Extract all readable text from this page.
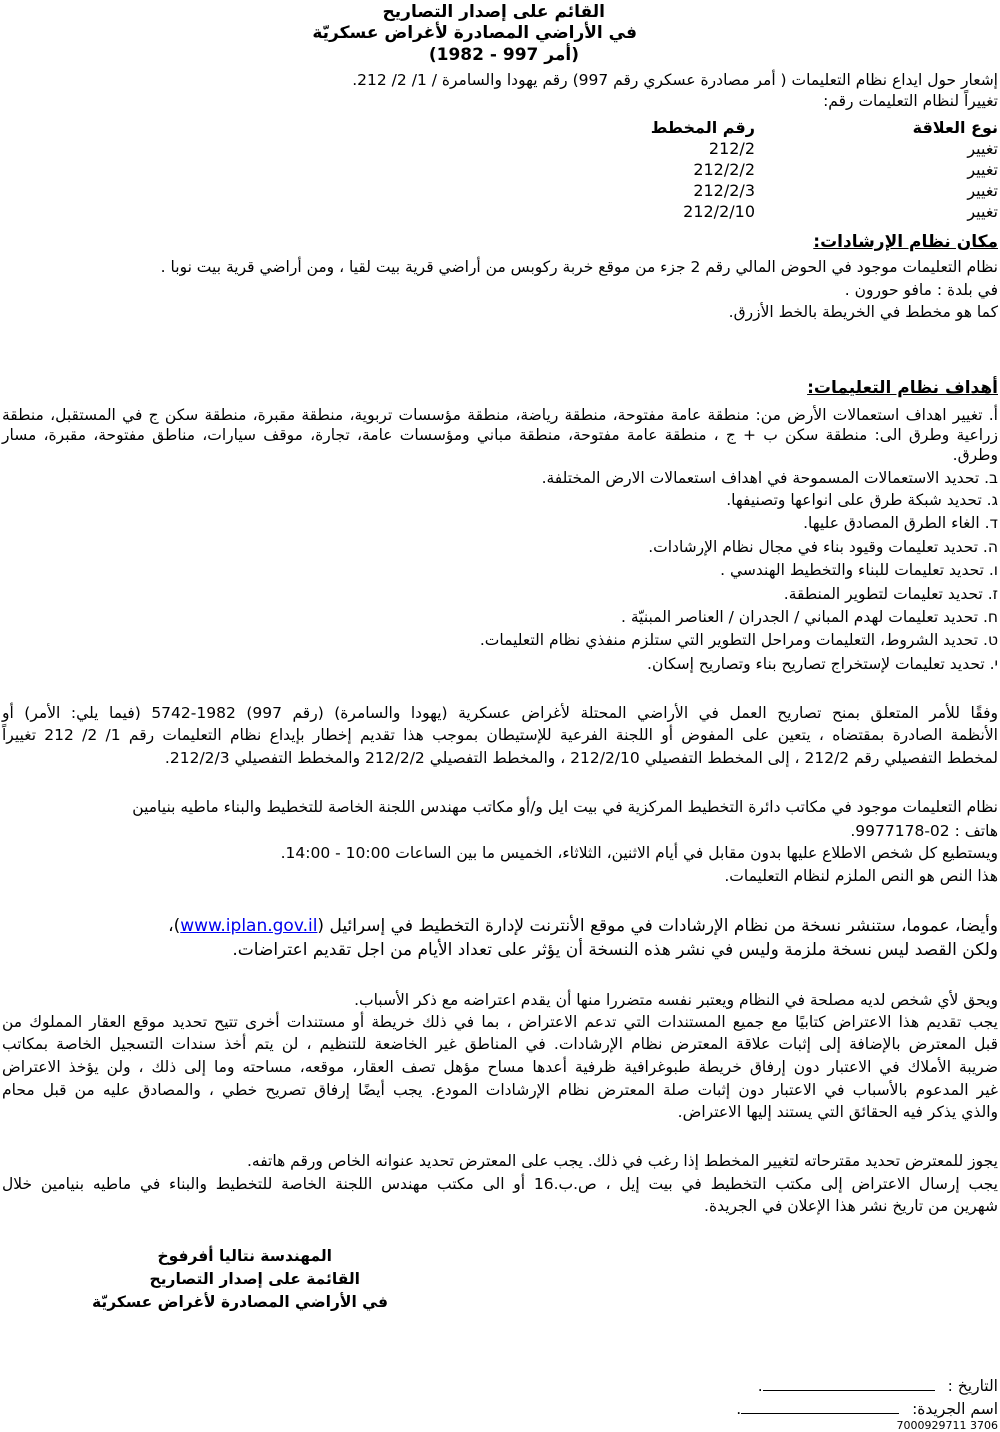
القائم على إصدار التصاريح
في الأراضي المصادرة لأغراض عسكريّة
(أمر 997 - 1982)

إشعار حول ايداع نظام التعليمات ( أمر مصادرة عسكري رقم 997) رقم يهودا والسامرة / 1/ 2/ 212.

تغييراً لنظام التعليمات رقم:

نوع العلاقة
رقم المخطط
تغيير
212/2
تغيير
212/2/2
تغيير
212/2/3
تغيير
212/2/10

مكان نظام الإرشادات:

نظام التعليمات موجود في الحوض المالي رقم 2 جزء من موقع خربة ركوبس من أراضي قرية بيت لقيا ، ومن أراضي قرية بيت نوبا .

في بلدة : مافو حورون .

كما هو مخطط في الخريطة بالخط الأزرق.

أهداف نظام التعليمات:

أ. تغيير اهداف استعمالات الأرض من: منطقة عامة مفتوحة، منطقة رياضة، منطقة مؤسسات تربوية، منطقة مقبرة، منطقة سكن ج في المستقبل، منطقة

زراعية وطرق الى: منطقة سكن ب + ج ، منطقة عامة مفتوحة، منطقة مباني ومؤسسات عامة، تجارة، موقف سيارات، مناطق مفتوحة، مقبرة، مسار

وطرق.

ב. تحديد الاستعمالات المسموحة في اهداف استعمالات الارض المختلفة.

ג. تحديد شبكة طرق على انواعها وتصنيفها.

ד. الغاء الطرق المصادق عليها.

ה. تحديد تعليمات وقيود بناء في مجال نظام الإرشادات.

ו. تحديد تعليمات للبناء والتخطيط الهندسي .

ז. تحديد تعليمات لتطوير المنطقة.

ח. تحديد تعليمات لهدم المباني / الجدران / العناصر المبنيّة .

ט. تحديد الشروط، التعليمات ومراحل التطوير التي ستلزم منفذي نظام التعليمات.

י. تحديد تعليمات لإستخراج تصاريح بناء وتصاريح إسكان.

وفقًا للأمر المتعلق بمنح تصاريح العمل في الأراضي المحتلة لأغراض عسكرية (يهودا والسامرة) (رقم 997) 1982-5742 (فيما يلي: الأمر) أو

الأنظمة الصادرة بمقتضاه ، يتعين على المفوض أو اللجنة الفرعية للإستيطان بموجب هذا تقديم إخطار بإيداع نظام التعليمات رقم 1/ 2/ 212 تغييراً

لمخطط التفصيلي رقم 212/2 ، إلى المخطط التفصيلي 212/2/10 ، والمخطط التفصيلي 212/2/2 والمخطط التفصيلي 212/2/3.

نظام التعليمات موجود في مكاتب دائرة التخطيط المركزية في بيت ايل و/أو مكاتب مهندس اللجنة الخاصة للتخطيط والبناء ماطيه بنيامين

هاتف : 02-9977178.

ويستطيع كل شخص الاطلاع عليها بدون مقابل في أيام الاثنين، الثلاثاء، الخميس ما بين الساعات 10:00 - 14:00.

هذا النص هو النص الملزم لنظام التعليمات.

وأيضا، عموما، ستنشر نسخة من نظام الإرشادات في موقع الأنترنت لإدارة التخطيط في إسرائيل (www.iplan.gov.il)،

ولكن القصد ليس نسخة ملزمة وليس في نشر هذه النسخة أن يؤثر على تعداد الأيام من اجل تقديم اعتراضات.

ويحق لأي شخص لديه مصلحة في النظام ويعتبر نفسه متضررا منها أن يقدم اعتراضه مع ذكر الأسباب.

يجب تقديم هذا الاعتراض كتابيًا مع جميع المستندات التي تدعم الاعتراض ، بما في ذلك خريطة أو مستندات أخرى تتيح تحديد موقع العقار المملوك من

قبل المعترض بالإضافة إلى إثبات علاقة المعترض نظام الإرشادات. في المناطق غير الخاضعة للتنظيم ، لن يتم أخذ سندات التسجيل الخاصة بمكاتب

ضريبة الأملاك في الاعتبار دون إرفاق خريطة طبوغرافية ظرفية أعدها مساح مؤهل تصف العقار، موقعه، مساحته وما إلى ذلك ، ولن يؤخذ الاعتراض

غير المدعوم بالأسباب في الاعتبار دون إثبات صلة المعترض نظام الإرشادات المودع. يجب أيضًا إرفاق تصريح خطي ، والمصادق عليه من قبل محام

والذي يذكر فيه الحقائق التي يستند إليها الاعتراض.

يجوز للمعترض تحديد مقترحاته لتغيير المخطط إذا رغب في ذلك. يجب على المعترض تحديد عنوانه الخاص ورقم هاتفه.

يجب إرسال الاعتراض إلى مكتب التخطيط في بيت إيل ، ص.ب.16 أو الى مكتب مهندس اللجنة الخاصة للتخطيط والبناء في ماطيه بنيامين خلال

شهرين من تاريخ نشر هذا الإعلان في الجريدة.

المهندسة نتاليا أفرفوخ
القائمة على إصدار التصاريح
في الأراضي المصادرة لأغراض عسكريّة
التاريخ : .
اسم الجريدة: .
7000929711 3706
